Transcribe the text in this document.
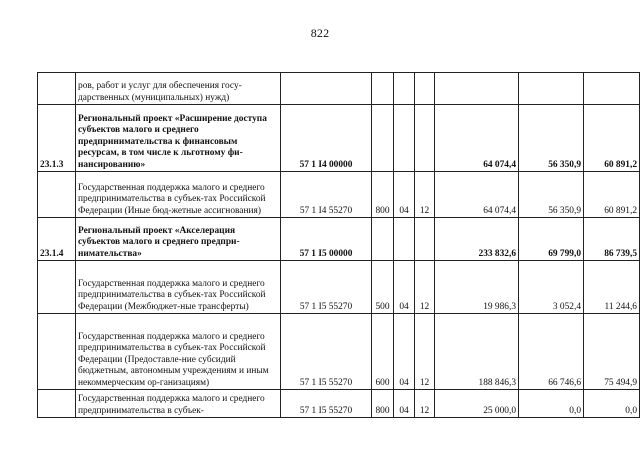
822
	ров, работ и услуг для обеспечения госу-дарственных (муниципальных) нужд)							
23.1.3	Региональный проект «Расширение доступа субъектов малого и среднего предпринимательства к финансовым ресурсам, в том числе к льготному фи-нансированию»	57 1 I4 00000				64 074,4	56 350,9	60 891,2
	Государственная поддержка малого и среднего предпринимательства в субъек-тах Российской Федерации (Иные бюд-жетные ассигнования)	57 1 I4 55270	800	04	12	64 074,4	56 350,9	60 891,2
23.1.4	Региональный проект «Акселерация субъектов малого и среднего предпри-нимательства»	57 1 I5 00000				233 832,6	69 799,0	86 739,5
	Государственная поддержка малого и среднего предпринимательства в субъек-тах Российской Федерации (Межбюджет-ные трансферты)	57 1 I5 55270	500	04	12	19 986,3	3 052,4	11 244,6
	Государственная поддержка малого и среднего предпринимательства в субъек-тах Российской Федерации (Предоставле-ние субсидий бюджетным, автономным учреждениям и иным некоммерческим ор-ганизациям)	57 1 I5 55270	600	04	12	188 846,3	66 746,6	75 494,9
	Государственная поддержка малого и среднего предпринимательства в субъек-	57 1 I5 55270	800	04	12	25 000,0	0,0	0,0
